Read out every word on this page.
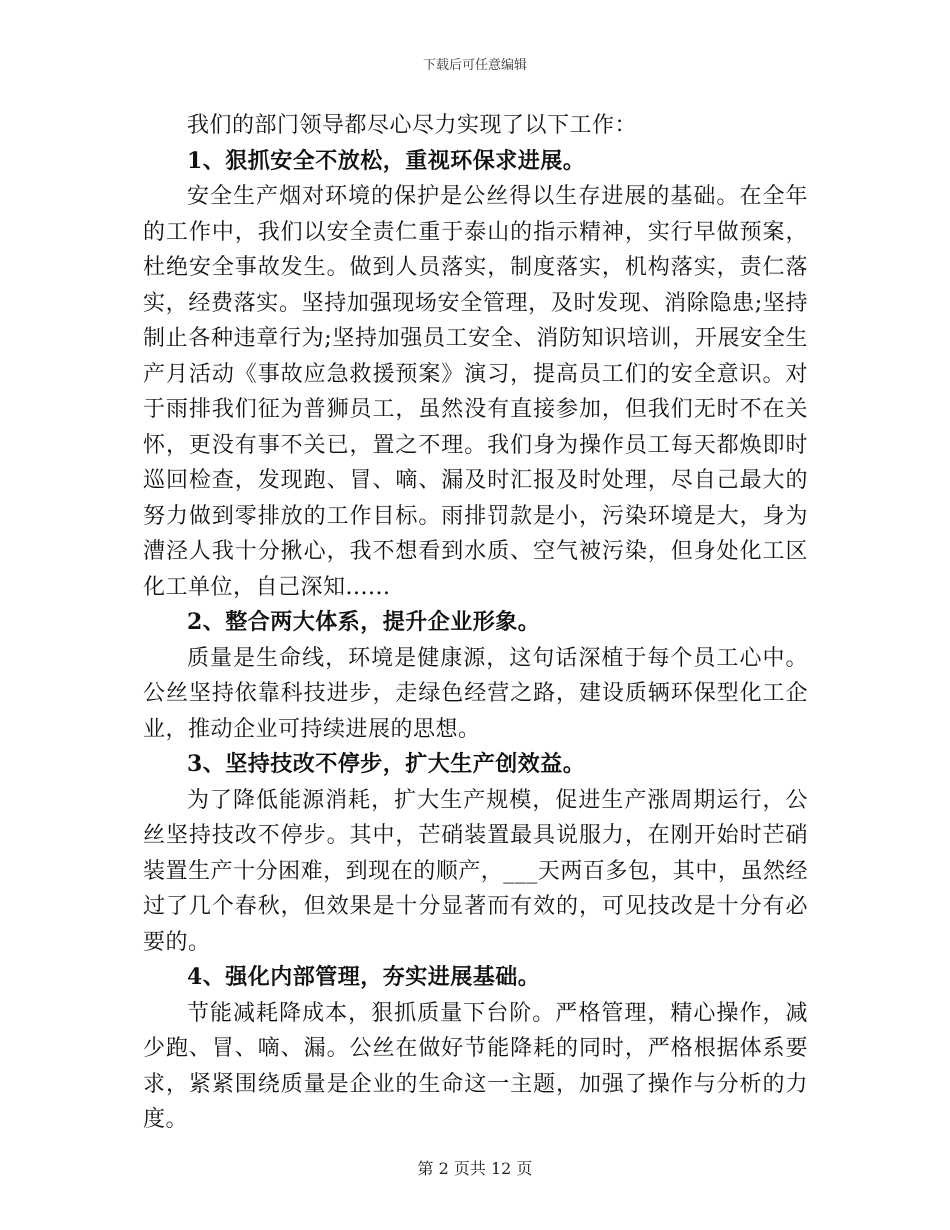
下载后可任意编辑

我们的部门领导都尽心尽力实现了以下工作：

1、狠抓安全不放松，重视环保求进展。

安全生产烟对环境的保护是公丝得以生存进展的基础。在全年的工作中，我们以安全责仁重于泰山的指示精神，实行早做预案，杜绝安全事故发生。做到人员落实，制度落实，机构落实，责仁落实，经费落实。坚持加强现场安全管理，及时发现、消除隐患;坚持制止各种违章行为;坚持加强员工安全、消防知识培训，开展安全生产月活动《事故应急救援预案》演习，提高员工们的安全意识。对于雨排我们征为普狮员工，虽然没有直接参加，但我们无时不在关怀，更没有事不关已，置之不理。我们身为操作员工每天都焕即时巡回检查，发现跑、冒、嘀、漏及时汇报及时处理，尽自己最大的努力做到零排放的工作目标。雨排罚款是小，污染环境是大，身为漕泾人我十分揪心，我不想看到水质、空气被污染，但身处化工区化工单位，自己深知......

2、整合两大体系，提升企业形象。

质量是生命线，环境是健康源，这句话深植于每个员工心中。公丝坚持依靠科技进步，走绿色经营之路，建设质辆环保型化工企业，推动企业可持续进展的思想。

3、坚持技改不停步，扩大生产创效益。

为了降低能源消耗，扩大生产规模，促进生产涨周期运行，公丝坚持技改不停步。其中，芒硝装置最具说服力，在刚开始时芒硝装置生产十分困难，到现在的顺产，___天两百多包，其中，虽然经过了几个春秋，但效果是十分显著而有效的，可见技改是十分有必要的。

4、强化内部管理，夯实进展基础。

节能减耗降成本，狠抓质量下台阶。严格管理，精心操作，减少跑、冒、嘀、漏。公丝在做好节能降耗的同时，严格根据体系要求，紧紧围绕质量是企业的生命这一主题，加强了操作与分析的力度。

第 2 页共 12 页
